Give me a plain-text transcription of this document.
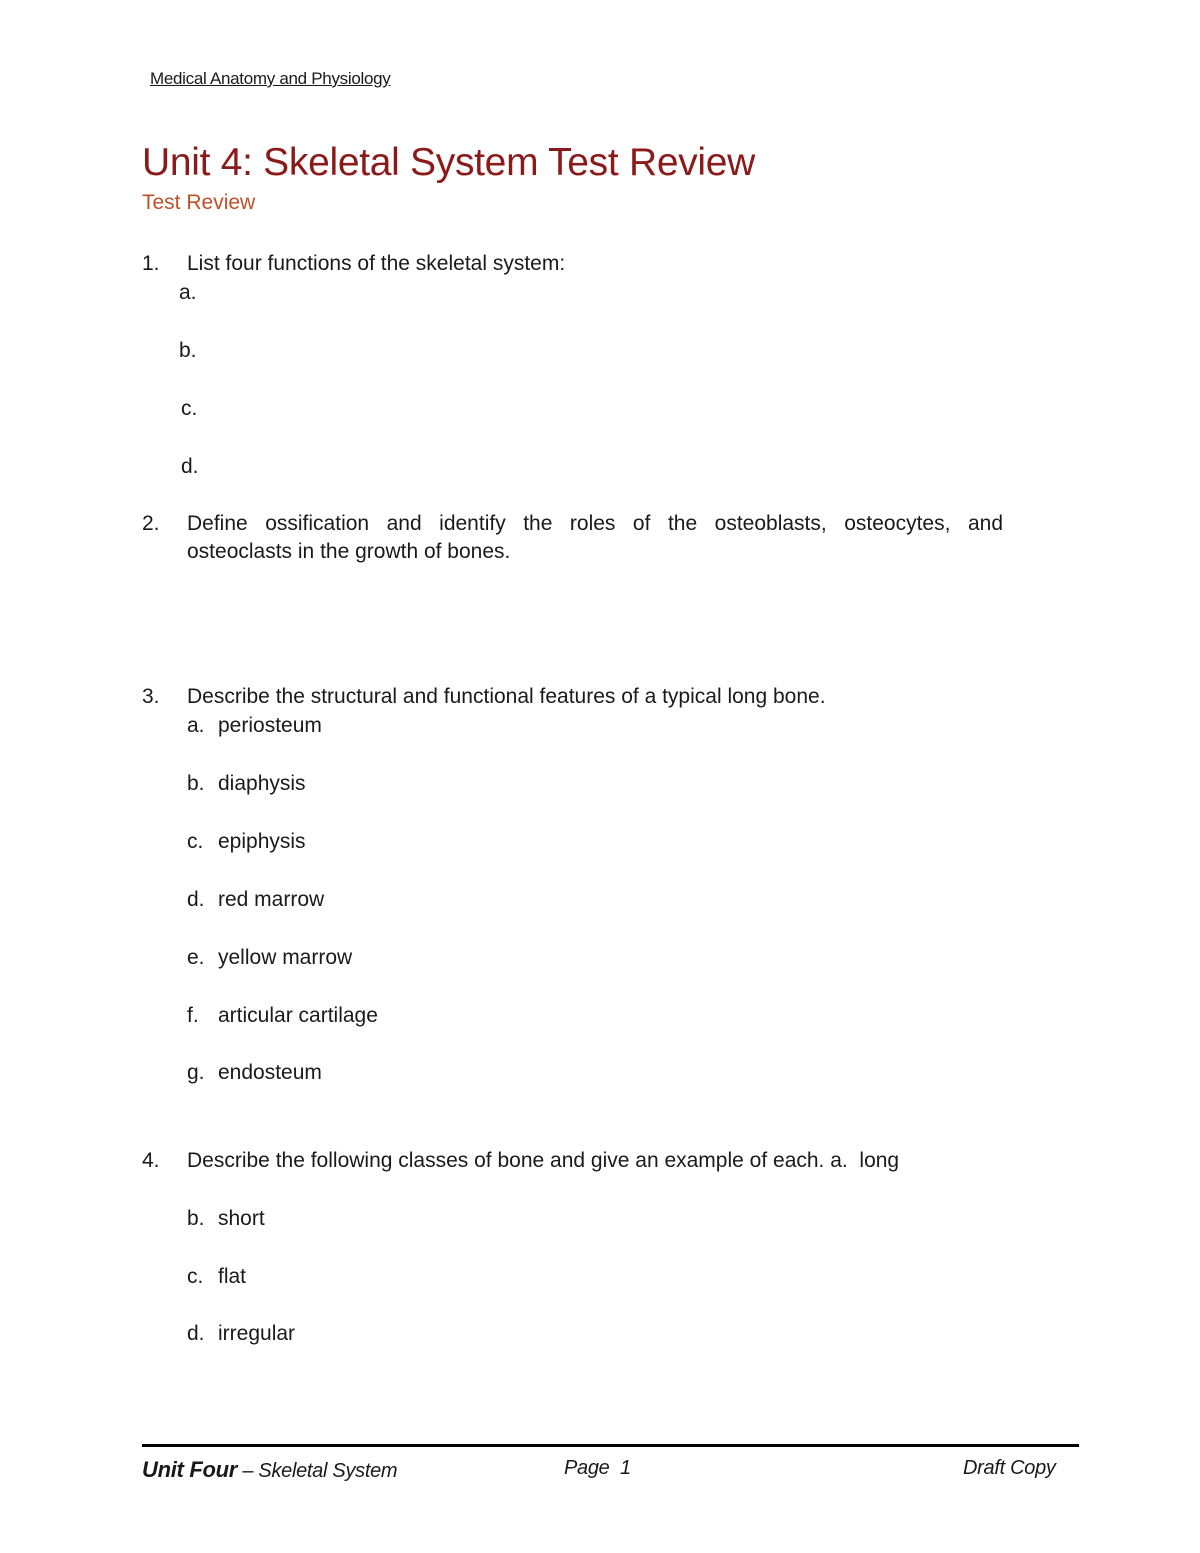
Medical Anatomy and Physiology
Unit 4: Skeletal System Test Review
Test Review
1. List four functions of the skeletal system:
a.
b.
c.
d.
2. Define ossification and identify the roles of the osteoblasts, osteocytes, and
osteoclasts in the growth of bones.
3. Describe the structural and functional features of a typical long bone.
a. periosteum
b. diaphysis
c. epiphysis
d. red marrow
e. yellow marrow
f. articular cartilage
g. endosteum
4. Describe the following classes of bone and give an example of each. a.  long
b. short
c. flat
d. irregular
Unit Four – Skeletal System	Page  1	Draft Copy
